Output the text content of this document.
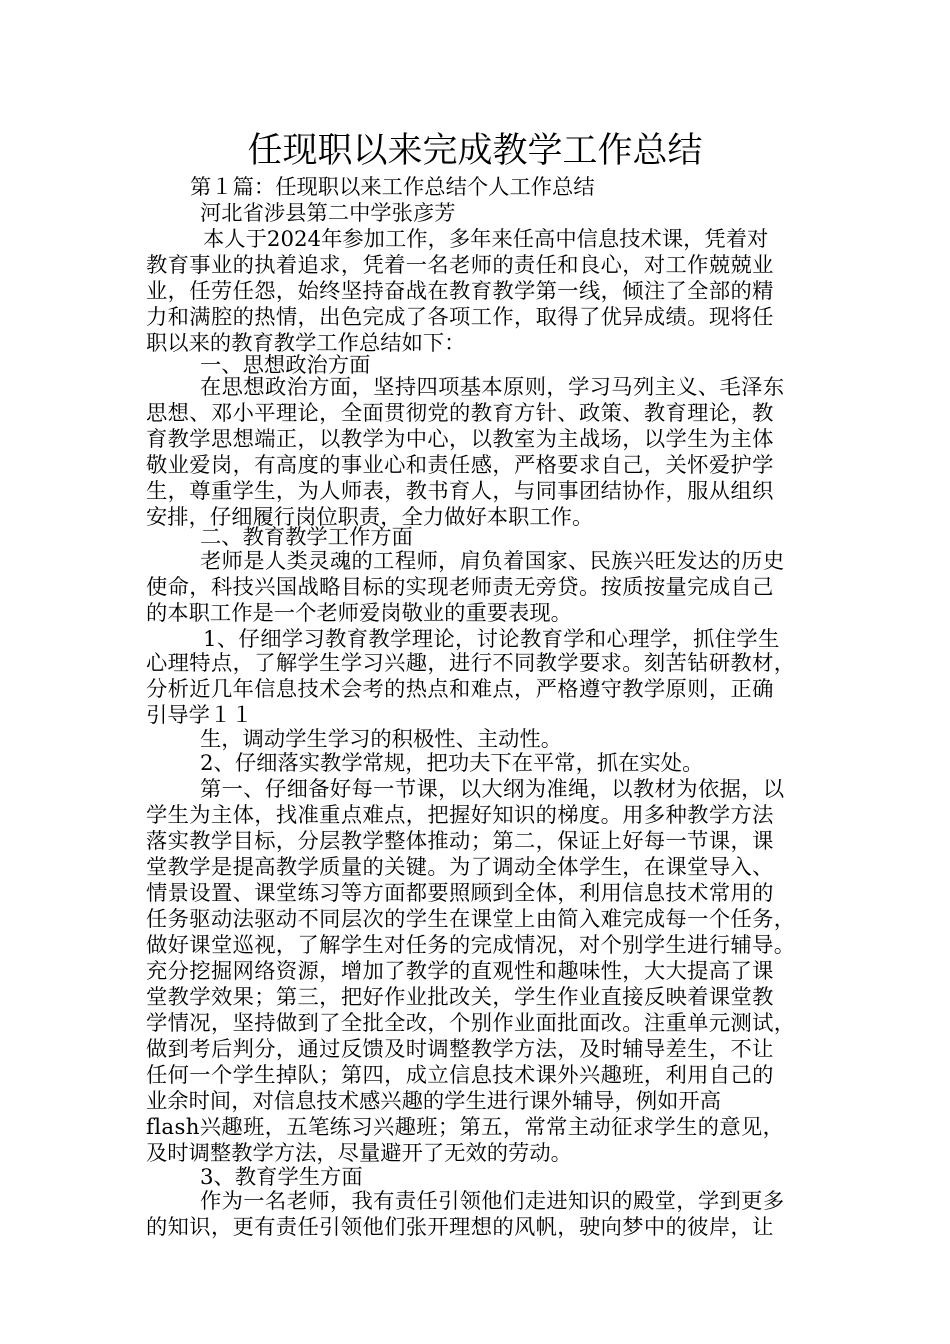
任现职以来完成教学工作总结

第１篇：任现职以来工作总结个人工作总结

河北省涉县第二中学张彦芳

本人于2024年参加工作，多年来任高中信息技术课，凭着对

教育事业的执着追求，凭着一名老师的责任和良心，对工作兢兢业

业，任劳任怨，始终坚持奋战在教育教学第一线，倾注了全部的精

力和满腔的热情，出色完成了各项工作，取得了优异成绩。现将任

职以来的教育教学工作总结如下：

一、思想政治方面

在思想政治方面，坚持四项基本原则，学习马列主义、毛泽东

思想、邓小平理论，全面贯彻党的教育方针、政策、教育理论，教

育教学思想端正，以教学为中心，以教室为主战场，以学生为主体

敬业爱岗，有高度的事业心和责任感，严格要求自己，关怀爱护学

生，尊重学生，为人师表，教书育人，与同事团结协作，服从组织

安排，仔细履行岗位职责，全力做好本职工作。

二、教育教学工作方面

老师是人类灵魂的工程师，肩负着国家、民族兴旺发达的历史

使命，科技兴国战略目标的实现老师责无旁贷。按质按量完成自己

的本职工作是一个老师爱岗敬业的重要表现。

1、仔细学习教育教学理论，讨论教育学和心理学，抓住学生

心理特点，了解学生学习兴趣，进行不同教学要求。刻苦钻研教材，

分析近几年信息技术会考的热点和难点，严格遵守教学原则，正确

引导学１１

生，调动学生学习的积极性、主动性。

2、仔细落实教学常规，把功夫下在平常，抓在实处。

第一、仔细备好每一节课，以大纲为准绳，以教材为依据，以

学生为主体，找准重点难点，把握好知识的梯度。用多种教学方法

落实教学目标，分层教学整体推动；第二，保证上好每一节课，课

堂教学是提高教学质量的关键。为了调动全体学生，在课堂导入、

情景设置、课堂练习等方面都要照顾到全体，利用信息技术常用的

任务驱动法驱动不同层次的学生在课堂上由简入难完成每一个任务，

做好课堂巡视，了解学生对任务的完成情况，对个别学生进行辅导。

充分挖掘网络资源，增加了教学的直观性和趣味性，大大提高了课

堂教学效果；第三，把好作业批改关，学生作业直接反映着课堂教

学情况，坚持做到了全批全改，个别作业面批面改。注重单元测试，

做到考后判分，通过反馈及时调整教学方法，及时辅导差生，不让

任何一个学生掉队；第四，成立信息技术课外兴趣班，利用自己的

业余时间，对信息技术感兴趣的学生进行课外辅导，例如开高

flash兴趣班，五笔练习兴趣班；第五，常常主动征求学生的意见，

及时调整教学方法，尽量避开了无效的劳动。

3、教育学生方面

作为一名老师，我有责任引领他们走进知识的殿堂，学到更多

的知识，更有责任引领他们张开理想的风帆，驶向梦中的彼岸，让
